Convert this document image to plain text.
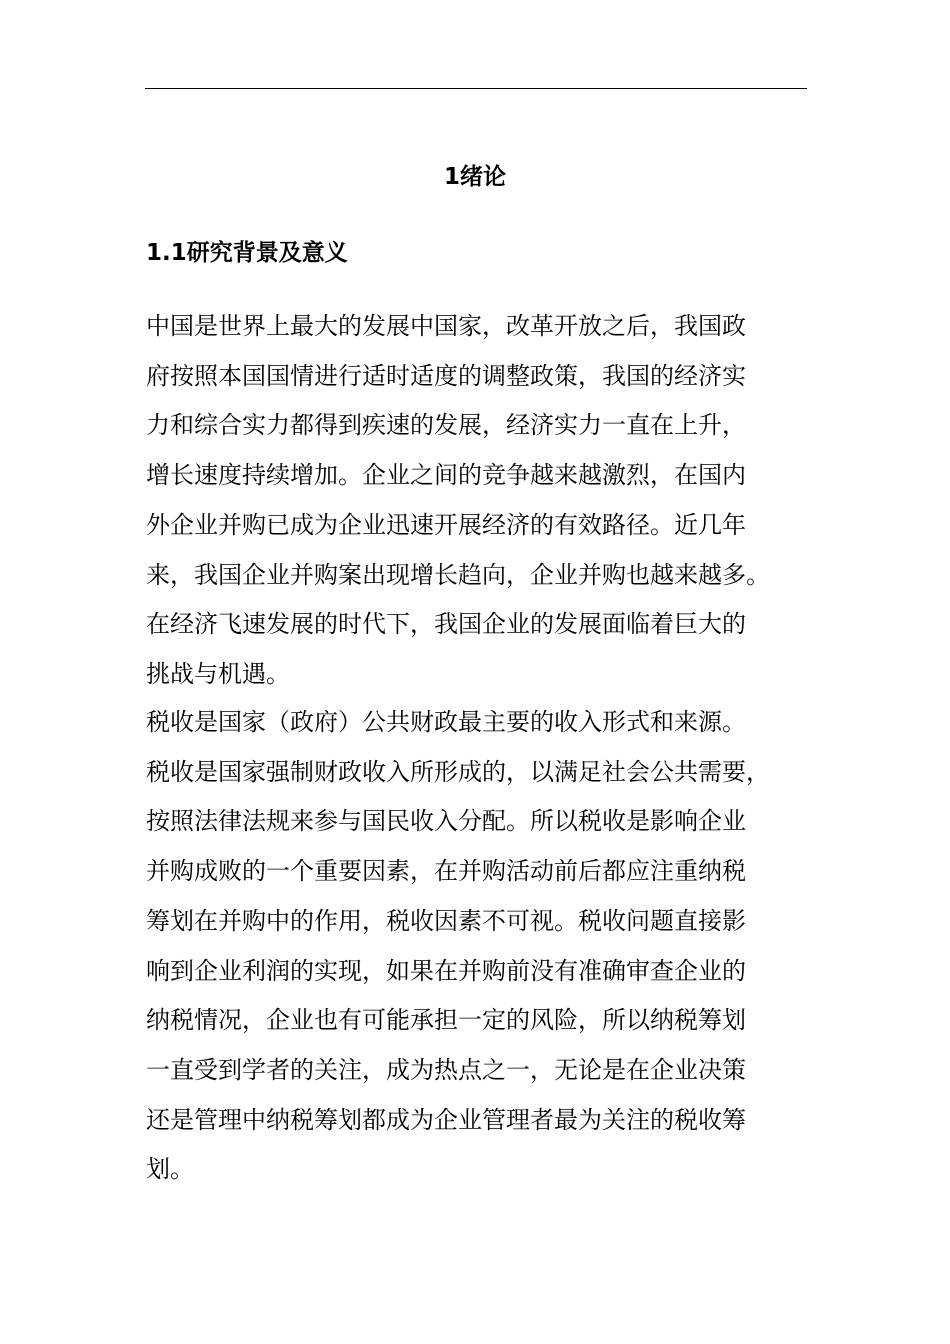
1绪论
1.1研究背景及意义

中国是世界上最大的发展中国家，改革开放之后，我国政
府按照本国国情进行适时适度的调整政策，我国的经济实
力和综合实力都得到疾速的发展，经济实力一直在上升，
增长速度持续增加。企业之间的竞争越来越激烈，在国内
外企业并购已成为企业迅速开展经济的有效路径。近几年
来，我国企业并购案出现增长趋向，企业并购也越来越多。
在经济飞速发展的时代下，我国企业的发展面临着巨大的
挑战与机遇。

税收是国家（政府）公共财政最主要的收入形式和来源。
税收是国家强制财政收入所形成的，以满足社会公共需要，
按照法律法规来参与国民收入分配。所以税收是影响企业
并购成败的一个重要因素，在并购活动前后都应注重纳税
筹划在并购中的作用，税收因素不可视。税收问题直接影
响到企业利润的实现，如果在并购前没有准确审查企业的
纳税情况，企业也有可能承担一定的风险，所以纳税筹划
一直受到学者的关注，成为热点之一，无论是在企业决策
还是管理中纳税筹划都成为企业管理者最为关注的税收筹
划。
